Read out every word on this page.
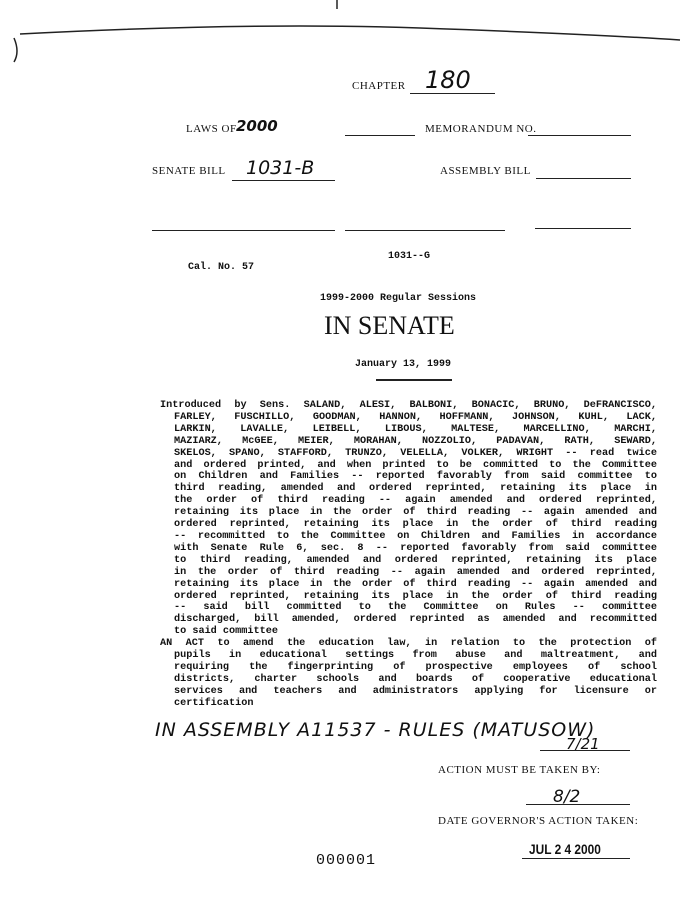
CHAPTER 180
LAWS OF 2000	MEMORANDUM NO.
SENATE BILL 1031-B	ASSEMBLY BILL
1031--G
Cal. No. 57
1999-2000 Regular Sessions
IN SENATE
January 13, 1999
Introduced by Sens. SALAND, ALESI, BALBONI, BONACIC, BRUNO, DeFRANCISCO,
FARLEY, FUSCHILLO, GOODMAN, HANNON, HOFFMANN, JOHNSON, KUHL, LACK,
LARKIN, LAVALLE, LEIBELL, LIBOUS, MALTESE, MARCELLINO, MARCHI,
MAZIARZ, McGEE, MEIER, MORAHAN, NOZZOLIO, PADAVAN, RATH, SEWARD,
SKELOS, SPANO, STAFFORD, TRUNZO, VELELLA, VOLKER, WRIGHT -- read twice
and ordered printed, and when printed to be committed to the Committee
on Children and Families -- reported favorably from said committee to
third reading, amended and ordered reprinted, retaining its place in
the order of third reading -- again amended and ordered reprinted,
retaining its place in the order of third reading -- again amended and
ordered reprinted, retaining its place in the order of third reading
-- recommitted to the Committee on Children and Families in accordance
with Senate Rule 6, sec. 8 -- reported favorably from said committee
to third reading, amended and ordered reprinted, retaining its place
in the order of third reading -- again amended and ordered reprinted,
retaining its place in the order of third reading -- again amended and
ordered reprinted, retaining its place in the order of third reading
-- said bill committed to the Committee on Rules -- committee
discharged, bill amended, ordered reprinted as amended and recommitted
to said committee
AN ACT to amend the education law, in relation to the protection of
pupils in educational settings from abuse and maltreatment, and
requiring the fingerprinting of prospective employees of school
districts, charter schools and boards of cooperative educational
services and teachers and administrators applying for licensure or
certification
IN ASSEMBLY A11537 - RULES (MATUSOW)
7/21
ACTION MUST BE TAKEN BY:
8/2
DATE GOVERNOR'S ACTION TAKEN:
JUL 2 4 2000
000001
